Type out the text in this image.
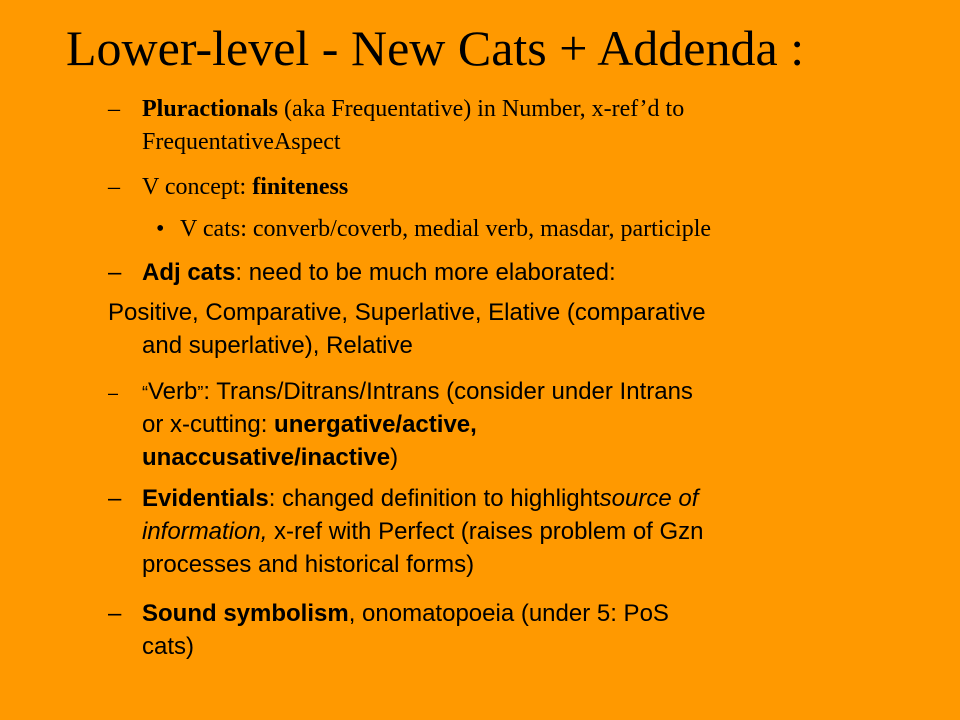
Lower-level - New Cats + Addenda :
– Pluractionals (aka Frequentative) in Number, x-ref’d to
FrequentativeAspect
– V concept: finiteness
• V cats: converb/coverb, medial verb, masdar, participle
– Adj cats: need to be much more elaborated:
Positive, Comparative, Superlative, Elative (comparative
and superlative), Relative
– “Verb”: Trans/Ditrans/Intrans (consider under Intrans
or x-cutting: unergative/active,
unaccusative/inactive)
– Evidentials: changed definition to highlightsource of
information, x-ref with Perfect (raises problem of Gzn
processes and historical forms)
– Sound symbolism, onomatopoeia (under 5: PoS
cats)
